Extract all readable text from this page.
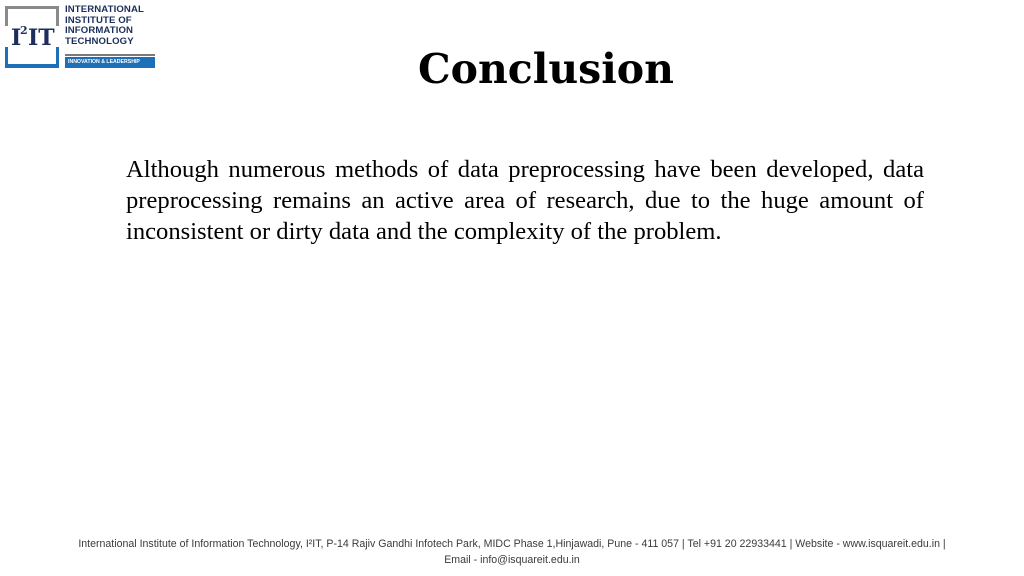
I
2 IT
INTERNATIONAL
INSTITUTE OF
INFORMATION
TECHNOLOGY
INNOVATION & LEADERSHIP	Conclusion

Although numerous methods of data preprocessing have been developed, data preprocessing remains an active area of research, due to the huge amount of inconsistent or dirty data and the complexity of the problem.

International Institute of Information Technology, I²IT, P-14 Rajiv Gandhi Infotech Park, MIDC Phase 1,Hinjawadi, Pune - 411 057 | Tel +91 20 22933441 | Website - www.isquareit.edu.in |
Email - info@isquareit.edu.in
